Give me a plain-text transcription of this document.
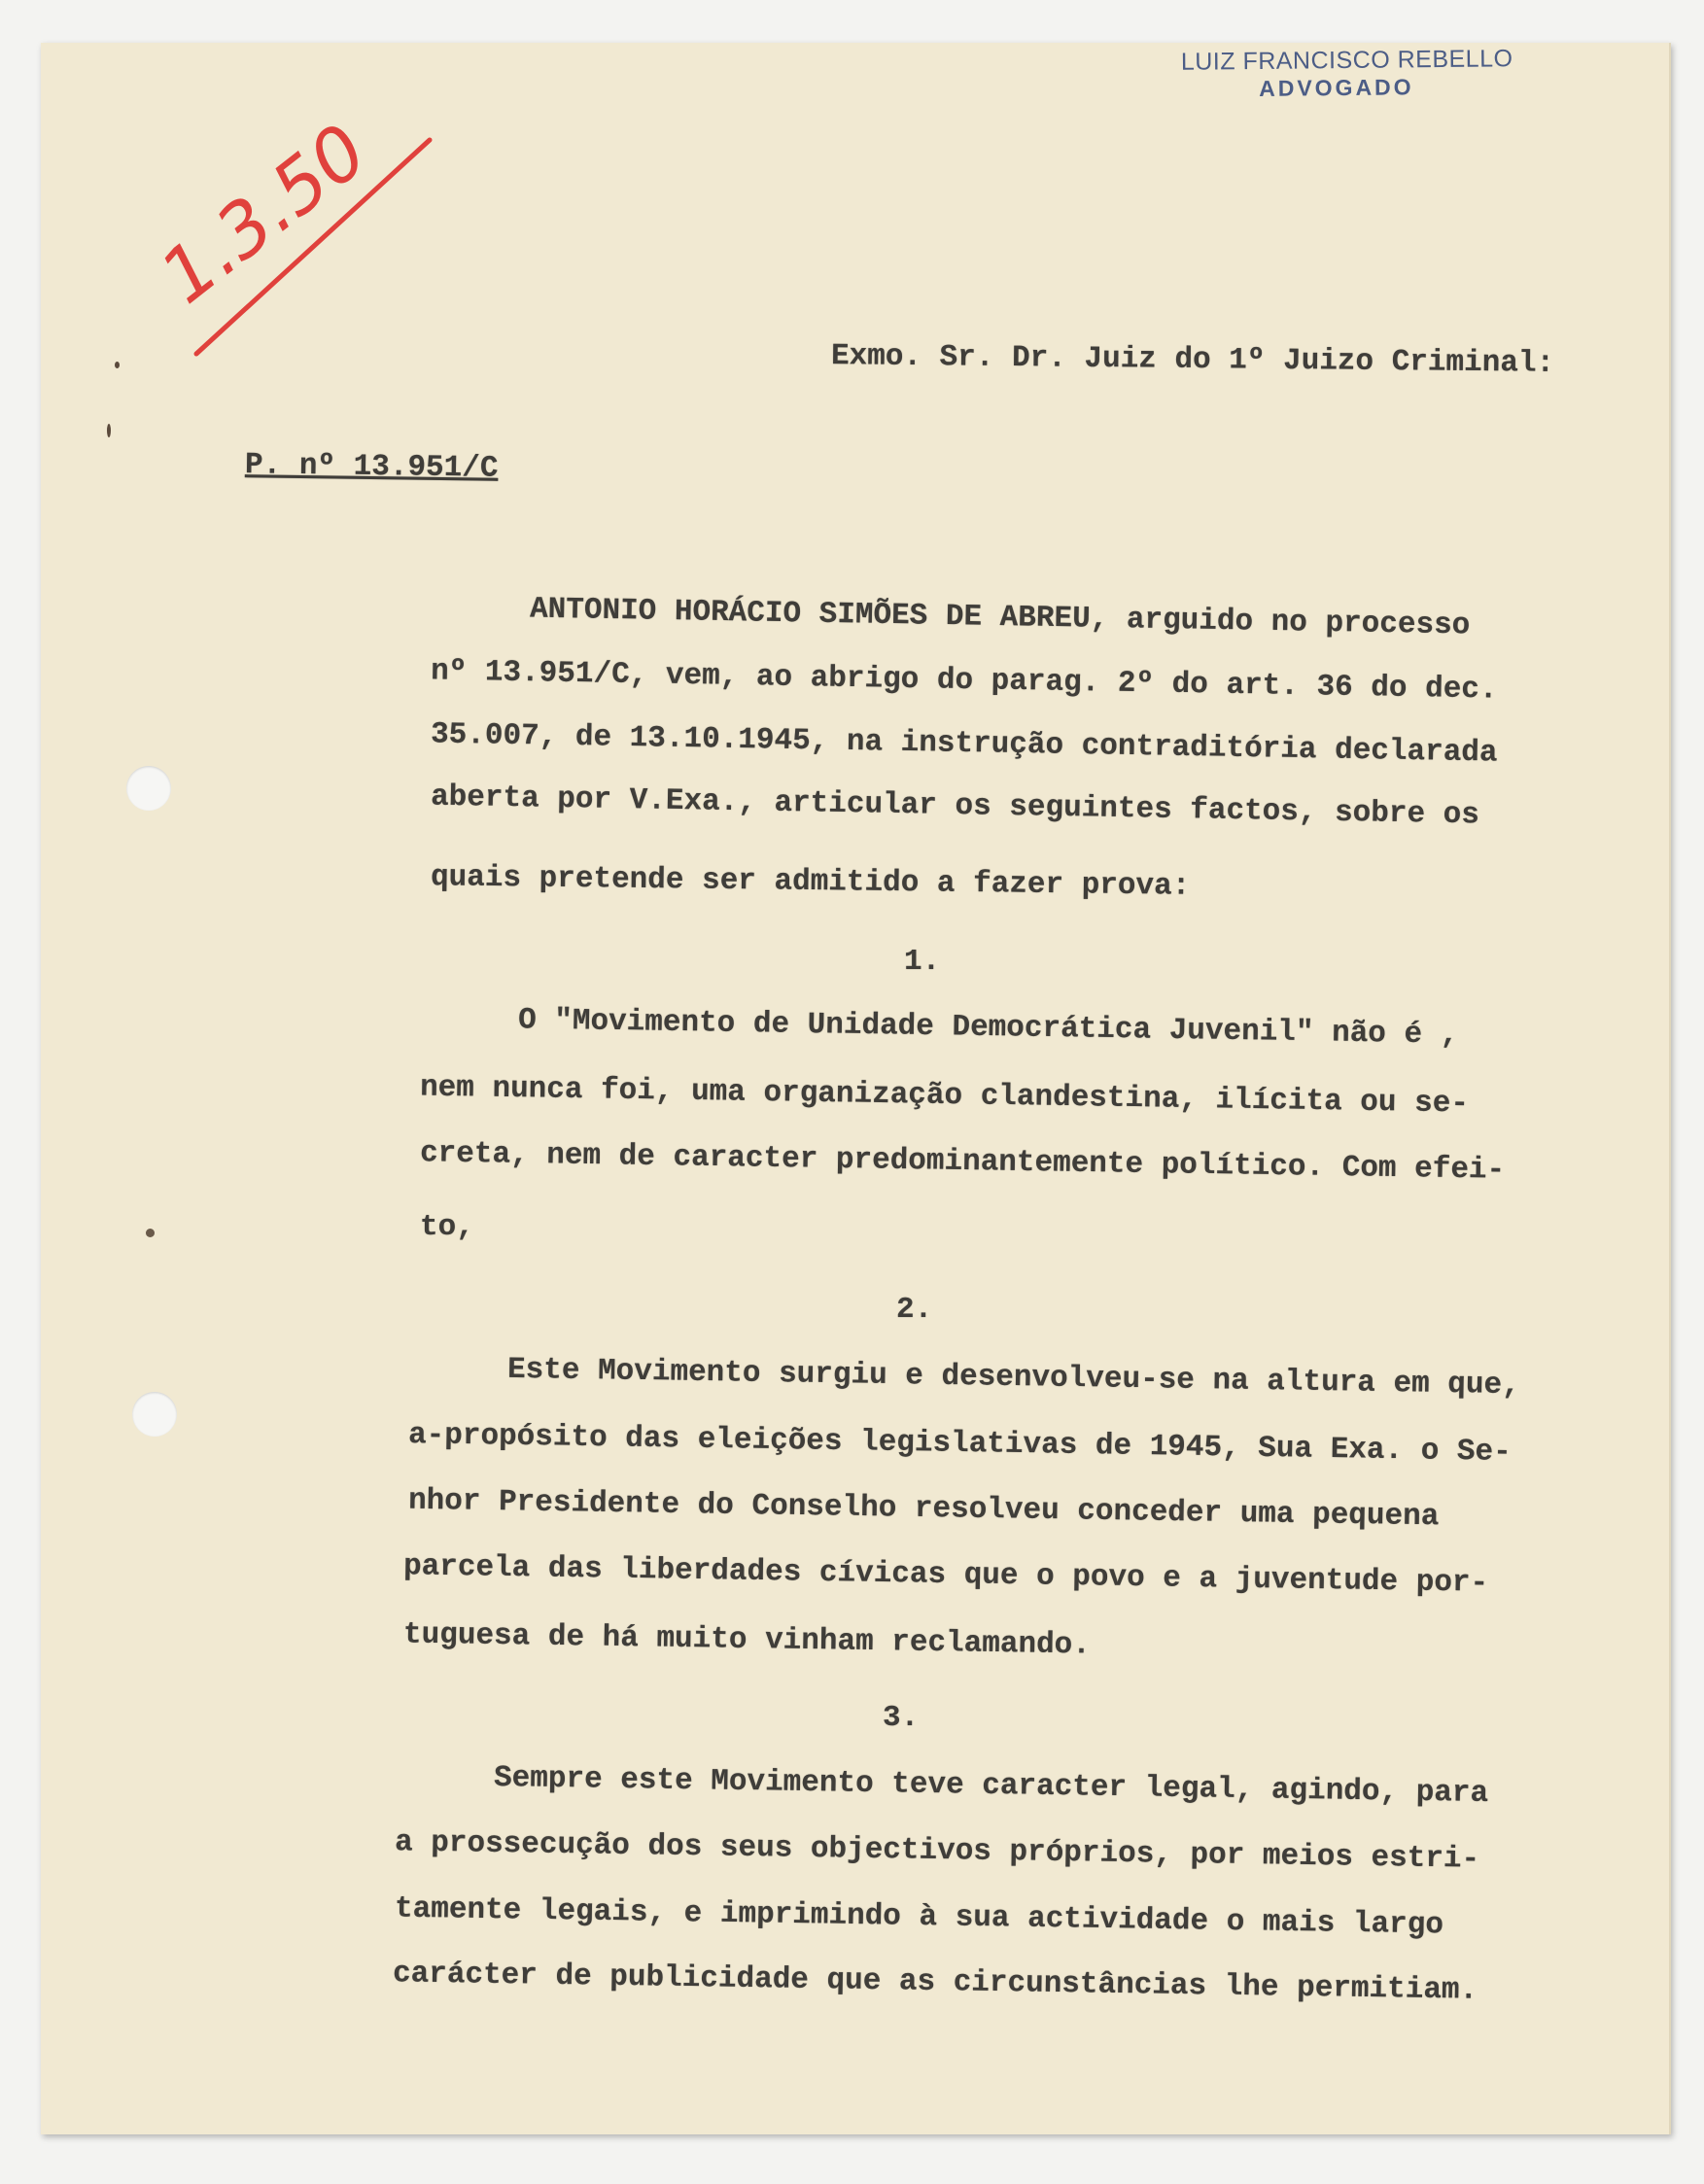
LUIZ FRANCISCO REBELLO
ADVOGADO
1.3.50
Exmo. Sr. Dr. Juiz do 1º Juizo Criminal:
P. nº 13.951/C
ANTONIO HORÁCIO SIMÕES DE ABREU, arguido no processo
nº 13.951/C, vem, ao abrigo do parag. 2º do art. 36 do dec.
35.007, de 13.10.1945, na instrução contraditória declarada
aberta por V.Exa., articular os seguintes factos, sobre os
quais pretende ser admitido a fazer prova:
1.
O "Movimento de Unidade Democrática Juvenil" não é ,
nem nunca foi, uma organização clandestina, ilícita ou se-
creta, nem de caracter predominantemente político. Com efei-
to,
2.
Este Movimento surgiu e desenvolveu-se na altura em que,
a-propósito das eleições legislativas de 1945, Sua Exa. o Se-
nhor Presidente do Conselho resolveu conceder uma pequena
parcela das liberdades cívicas que o povo e a juventude por-
tuguesa de há muito vinham reclamando.
3.
Sempre este Movimento teve caracter legal, agindo, para
a prossecução dos seus objectivos próprios, por meios estri-
tamente legais, e imprimindo à sua actividade o mais largo
carácter de publicidade que as circunstâncias lhe permitiam.
